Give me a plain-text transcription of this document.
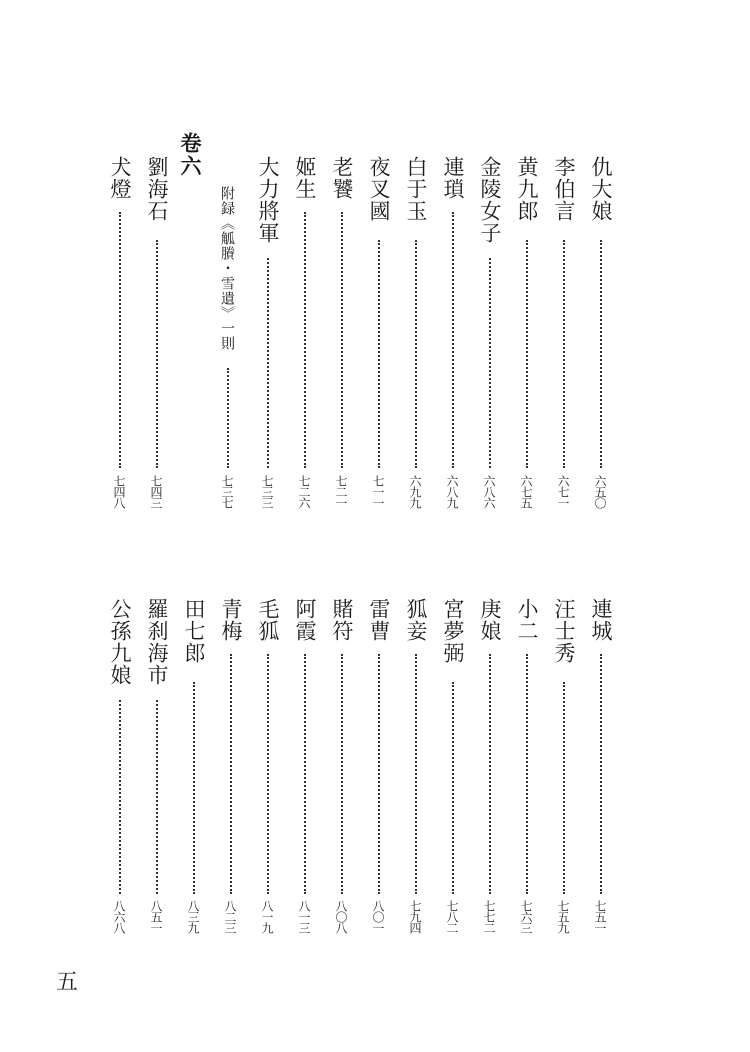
仇大娘
六五〇
李伯言
六七一
黄九郎
六七五
金陵女子
六八六
連瑣
六八九
白于玉
六九九
夜叉國
七一一
老饕
七二一
姬生
七二六
大力將軍
七三三
附録《觚賸・雪遺》一則
七三七
卷六
劉海石
七四三
犬燈
七四八
連城
七五一
汪士秀
七五九
小二
七六三
庚娘
七七二
宮夢弼
七八二
狐妾
七九四
雷曹
八〇一
賭符
八〇八
阿霞
八一三
毛狐
八一九
青梅
八二三
田七郎
八三九
羅刹海市
八五一
公孫九娘
八六八
五
